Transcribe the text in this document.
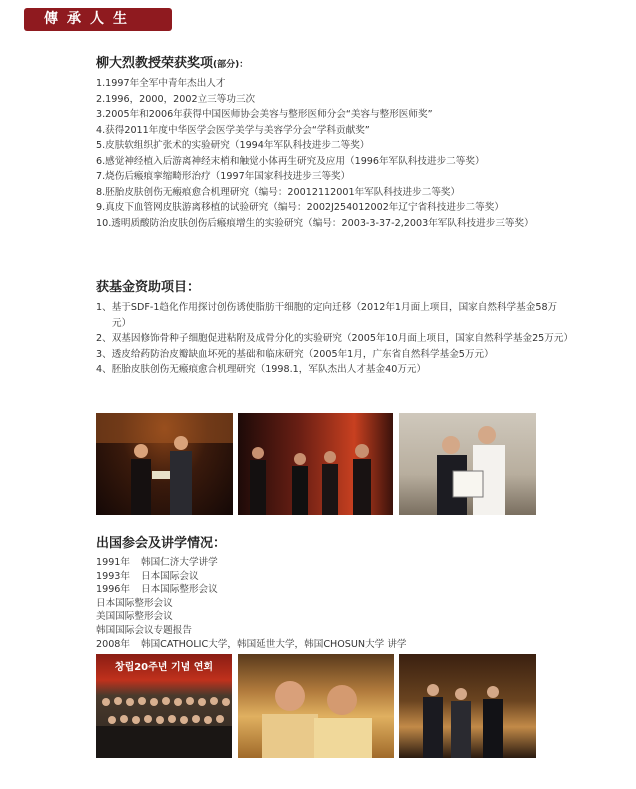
傳承人生
柳大烈教授荣获奖项(部分)：
1.1997年全军中青年杰出人才
2.1996，2000，2002立三等功三次
3.2005年和2006年获得中国医师协会美容与整形医师分会“美容与整形医师奖”
4.获得2011年度中华医学会医学美学与美容学分会“学科贡献奖”
5.皮肤软组织扩张术的实验研究（1994年军队科技进步二等奖）
6.感觉神经植入后游离神经末梢和触觉小体再生研究及应用（1996年军队科技进步二等奖）
7.烧伤后瘢痕挛缩畸形治疗（1997年国家科技进步三等奖）
8.胚胎皮肤创伤无瘢痕愈合机理研究（编号：20012112001年军队科技进步二等奖）
9.真皮下血管网皮肤游离移植的试验研究（编号：2002J254012002年辽宁省科技进步二等奖）
10.透明质酸防治皮肤创伤后瘢痕增生的实验研究（编号：2003-3-37-2,2003年军队科技进步三等奖）
获基金资助项目：
1、基于SDF-1趋化作用探讨创伤诱使脂肪干细胞的定向迁移（2012年1月面上项目，国家自然科学基金58万元）
2、双基因修饰骨种子细胞促进粘附及成骨分化的实验研究（2005年10月面上项目，国家自然科学基金25万元）
3、透皮给药防治皮瓣缺血坏死的基础和临床研究（2005年1月，广东省自然科学基金5万元）
4、胚胎皮肤创伤无瘢痕愈合机理研究（1998.1，军队杰出人才基金40万元）
出国参会及讲学情况：
1991年	韩国仁济大学讲学
1993年	日本国际会议
1996年	日本国际整形会议
日本国际整形会议
美国国际整形会议
韩国国际会议专题报告
2008年	韩国CATHOLIC大学，韩国延世大学，韩国CHOSUN大学 讲学
창립20주년 기념 연회
